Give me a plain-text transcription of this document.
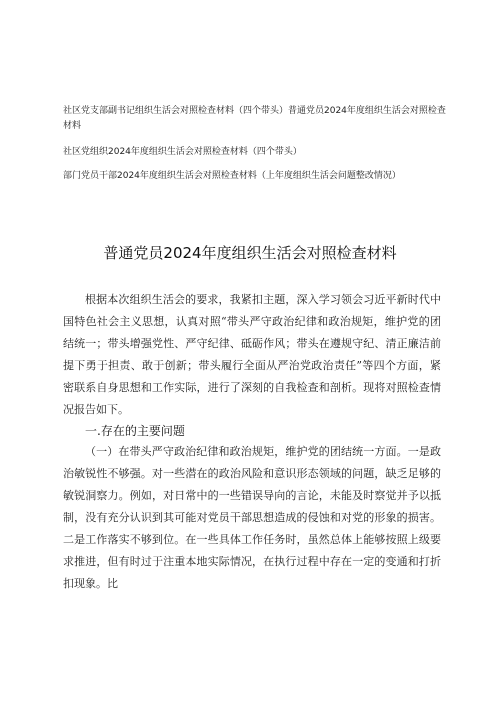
社区党支部副书记组织生活会对照检查材料（四个带头）普通党员2024年度组织生活会对照检查材料
社区党组织2024年度组织生活会对照检查材料（四个带头）
部门党员干部2024年度组织生活会对照检查材料（上年度组织生活会问题整改情况）
普通党员2024年度组织生活会对照检查材料

根据本次组织生活会的要求，我紧扣主题，深入学习领会习近平新时代中国特色社会主义思想，认真对照“带头严守政治纪律和政治规矩，维护党的团结统一；带头增强党性、严守纪律、砥砺作风；带头在遵规守纪、清正廉洁前提下勇于担责、敢于创新；带头履行全面从严治党政治责任”等四个方面，紧密联系自身思想和工作实际，进行了深刻的自我检查和剖析。现将对照检查情况报告如下。

一.存在的主要问题

（一）在带头严守政治纪律和政治规矩，维护党的团结统一方面。一是政治敏锐性不够强。对一些潜在的政治风险和意识形态领域的问题，缺乏足够的敏锐洞察力。例如，对日常中的一些错误导向的言论，未能及时察觉并予以抵制，没有充分认识到其可能对党员干部思想造成的侵蚀和对党的形象的损害。二是工作落实不够到位。在一些具体工作任务时，虽然总体上能够按照上级要求推进，但有时过于注重本地实际情况，在执行过程中存在一定的变通和打折扣现象。比
